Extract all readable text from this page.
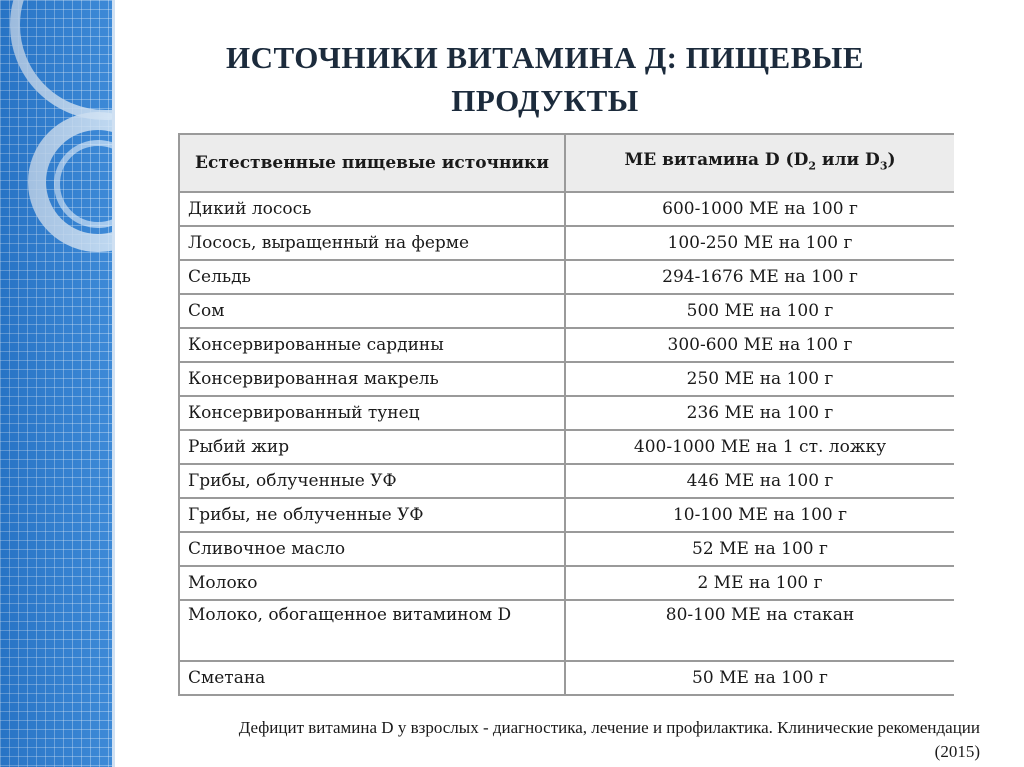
ИСТОЧНИКИ ВИТАМИНА Д: ПИЩЕВЫЕ ПРОДУКТЫ
Естественные пищевые источники	МЕ витамина D ($D_2$ или $D_3$)
Дикий лосось	600-1000 МЕ на 100 г
Лосось, выращенный на ферме	100-250 МЕ на 100 г
Сельдь	294-1676 МЕ на 100 г
Сом	500 МЕ на 100 г
Консервированные сардины	300-600 МЕ на 100 г
Консервированная макрель	250 МЕ на 100 г
Консервированный тунец	236 МЕ на 100 г
Рыбий жир	400-1000 МЕ на 1 ст. ложку
Грибы, облученные УФ	446 МЕ на 100 г
Грибы, не облученные УФ	10-100 МЕ на 100 г
Сливочное масло	52 МЕ на 100 г
Молоко	2 МЕ на 100 г
Молоко, обогащенное витамином D	80-100 МЕ на стакан
Сметана	50 МЕ на 100 г
Дефицит витамина D у взрослых - диагностика, лечение и профилактика. Клинические рекомендации (2015)
